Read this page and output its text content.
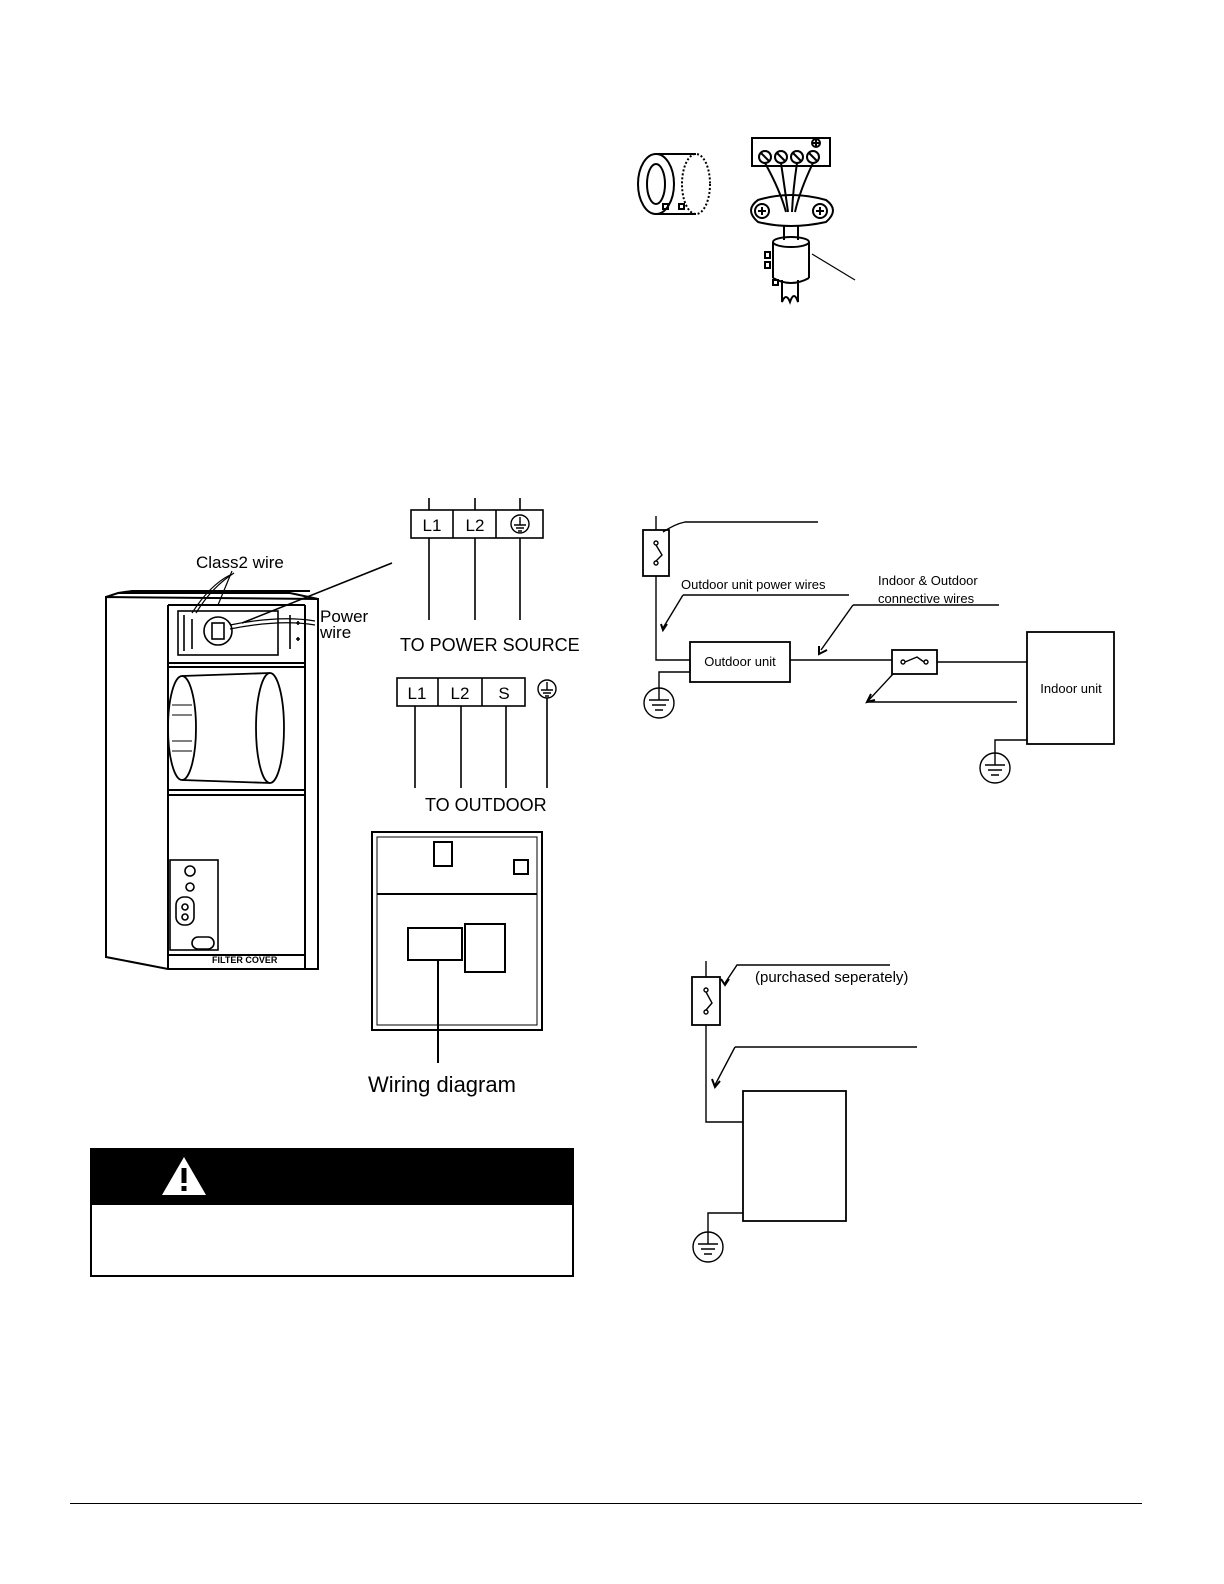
Class2 wire
Power
wire
FILTER COVER
L1 L2
TO POWER SOURCE
L1 L2 S
TO OUTDOOR
Wiring diagram
Outdoor unit power wires	Indoor & Outdoor
connective wires
Outdoor unit
Indoor unit
(purchased seperately)
